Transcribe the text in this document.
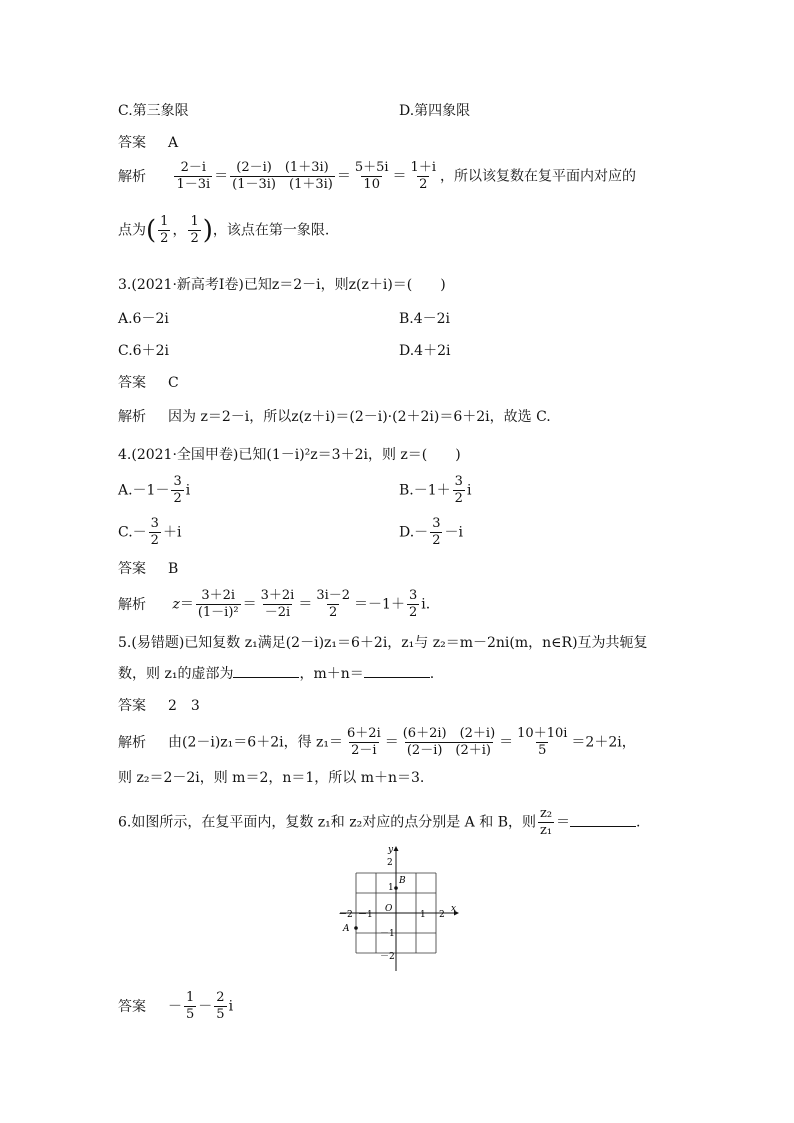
C.第三象限	D.第四象限
答案 A
解析 $\frac{2-i}{1-3i} = \frac{(2-i) (1+3i)}{(1-3i) (1+3i)} = \frac{5+5i}{10} = \frac{1+i}{2}$ ，所以该复数在复平面内对应的
点为( $\frac{1}{2}$ ， $\frac{1}{2}$ )，该点在第一象限.
3.(2021·新高考Ⅰ卷)已知z＝2－i，则z(z＋i)＝(　　)
A.6－2i	B.4－2i
C.6＋2i	D.4＋2i
答案 C
解析 因为 z＝2－i，所以z(z＋i)＝(2－i)·(2＋2i)＝6＋2i，故选 C.
4.(2021·全国甲卷)已知(1－i)²z＝3＋2i，则 z＝(　　)
$A.-1- \frac{3}{2}$ i	$B.-1+ \frac{3}{2}$ i
$C.- \frac{3}{2} +i$	$D.- \frac{3}{2} -i$
答案 B
解析 $z= \frac{3+2i}{\text{(1－i)²}} = \frac{3+2i}{-2i} = \frac{3i-2}{2} =-1+ \frac{3}{2} i$.
5.(易错题)已知复数 z₁满足(2－i)z₁＝6＋2i，z₁与 z₂＝m－2ni(m，n∈R)互为共轭复
数，则 z₁的虚部为	，m＋n＝	.
答案 2　3
解析 由(2－i)z₁＝6＋2i，得 $z_1= \frac{6+2i}{2-i} = \frac{(6+2i) (2+i)}{(2-i) (2+i)} = \frac{10+10i}{5} =2+2i$，
则 z₂＝2－2i，则 m＝2，n＝1，所以 m＋n＝3.
6.如图所示，在复平面内，复数 z₁和 z₂对应的点分别是 A 和 B，则 $\frac{\text{z₂}}{\text{z₁}}$ ＝	.
x
y
O
－2 －1	1 2
2
1
－1
－2
B
A
答案 － $\frac{1}{5} - \frac{2}{5}$ i
